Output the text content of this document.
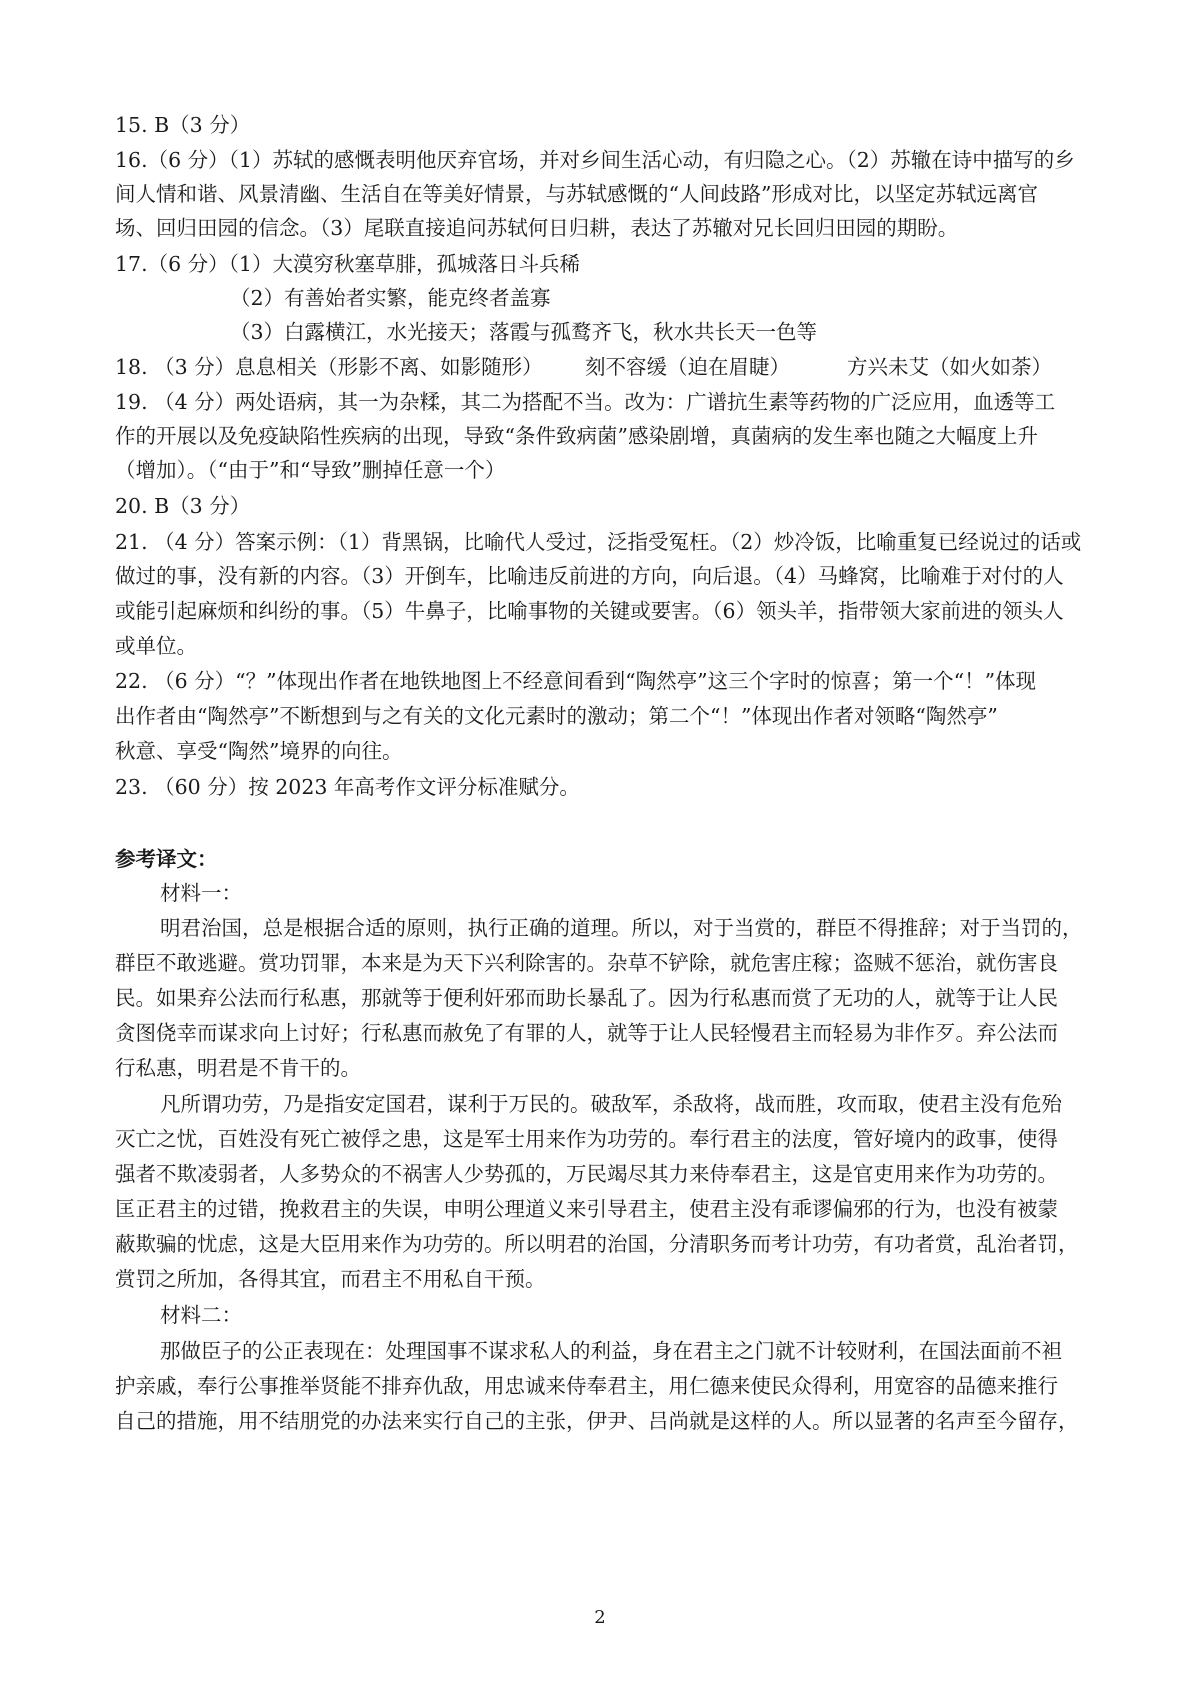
15. B（3 分）
16.（6 分）（1）苏轼的感慨表明他厌弃官场，并对乡间生活心动，有归隐之心。（2）苏辙在诗中描写的乡
间人情和谐、风景清幽、生活自在等美好情景，与苏轼感慨的“人间歧路”形成对比，以坚定苏轼远离官
场、回归田园的信念。（3）尾联直接追问苏轼何日归耕，表达了苏辙对兄长回归田园的期盼。
17.（6 分）（1）大漠穷秋塞草腓，孤城落日斗兵稀
（2）有善始者实繁，能克终者盖寡
（3）白露横江，水光接天；落霞与孤鹜齐飞，秋水共长天一色等
18. （3 分）息息相关（形影不离、如影随形） 刻不容缓（迫在眉睫）	方兴未艾（如火如荼）
19. （4 分）两处语病，其一为杂糅，其二为搭配不当。改为：广谱抗生素等药物的广泛应用，血透等工
作的开展以及免疫缺陷性疾病的出现，导致“条件致病菌”感染剧增，真菌病的发生率也随之大幅度上升
（增加）。（“由于”和“导致”删掉任意一个）
20. B（3 分）
21. （4 分）答案示例：（1）背黑锅，比喻代人受过，泛指受冤枉。（2）炒冷饭，比喻重复已经说过的话或
做过的事，没有新的内容。（3）开倒车，比喻违反前进的方向，向后退。（4）马蜂窝，比喻难于对付的人
或能引起麻烦和纠纷的事。（5）牛鼻子，比喻事物的关键或要害。（6）领头羊，指带领大家前进的领头人
或单位。
22. （6 分）“？”体现出作者在地铁地图上不经意间看到“陶然亭”这三个字时的惊喜；第一个“！”体现
出作者由“陶然亭”不断想到与之有关的文化元素时的激动；第二个“！”体现出作者对领略“陶然亭”
秋意、享受“陶然”境界的向往。
23. （60 分）按 2023 年高考作文评分标准赋分。
参考译文：
材料一：
明君治国，总是根据合适的原则，执行正确的道理。所以，对于当赏的，群臣不得推辞；对于当罚的，
群臣不敢逃避。赏功罚罪，本来是为天下兴利除害的。杂草不铲除，就危害庄稼；盗贼不惩治，就伤害良
民。如果弃公法而行私惠，那就等于便利奸邪而助长暴乱了。因为行私惠而赏了无功的人，就等于让人民
贪图侥幸而谋求向上讨好；行私惠而赦免了有罪的人，就等于让人民轻慢君主而轻易为非作歹。弃公法而
行私惠，明君是不肯干的。
凡所谓功劳，乃是指安定国君，谋利于万民的。破敌军，杀敌将，战而胜，攻而取，使君主没有危殆
灭亡之忧，百姓没有死亡被俘之患，这是军士用来作为功劳的。奉行君主的法度，管好境内的政事，使得
强者不欺凌弱者，人多势众的不祸害人少势孤的，万民竭尽其力来侍奉君主，这是官吏用来作为功劳的。
匡正君主的过错，挽救君主的失误，申明公理道义来引导君主，使君主没有乖谬偏邪的行为，也没有被蒙
蔽欺骗的忧虑，这是大臣用来作为功劳的。所以明君的治国，分清职务而考计功劳，有功者赏，乱治者罚，
赏罚之所加，各得其宜，而君主不用私自干预。
材料二：
那做臣子的公正表现在：处理国事不谋求私人的利益，身在君主之门就不计较财利，在国法面前不袒
护亲戚，奉行公事推举贤能不排弃仇敌，用忠诚来侍奉君主，用仁德来使民众得利，用宽容的品德来推行
自己的措施，用不结朋党的办法来实行自己的主张，伊尹、吕尚就是这样的人。所以显著的名声至今留存，
2
